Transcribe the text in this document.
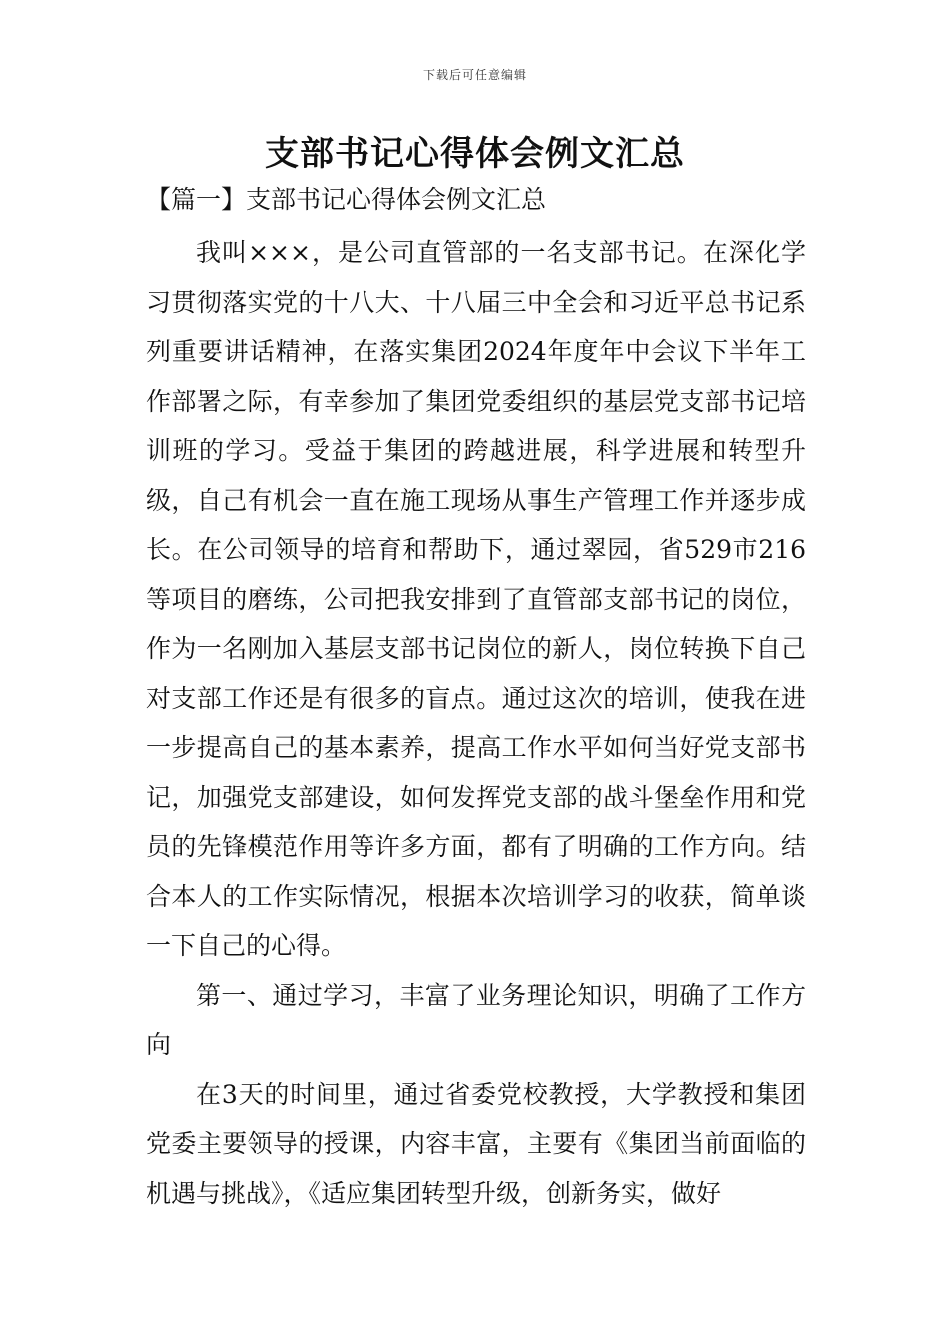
下载后可任意编辑
支部书记心得体会例文汇总
【篇一】支部书记心得体会例文汇总

我叫×××，是公司直管部的一名支部书记。在深化学习贯彻落实党的十八大、十八届三中全会和习近平总书记系列重要讲话精神，在落实集团2024年度年中会议下半年工作部署之际，有幸参加了集团党委组织的基层党支部书记培训班的学习。受益于集团的跨越进展，科学进展和转型升级，自己有机会一直在施工现场从事生产管理工作并逐步成长。在公司领导的培育和帮助下，通过翠园，省529市216等项目的磨练，公司把我安排到了直管部支部书记的岗位，作为一名刚加入基层支部书记岗位的新人，岗位转换下自己对支部工作还是有很多的盲点。通过这次的培训，使我在进一步提高自己的基本素养，提高工作水平如何当好党支部书记，加强党支部建设，如何发挥党支部的战斗堡垒作用和党员的先锋模范作用等许多方面，都有了明确的工作方向。结合本人的工作实际情况，根据本次培训学习的收获，简单谈一下自己的心得。

第一、通过学习，丰富了业务理论知识，明确了工作方向

在3天的时间里，通过省委党校教授，大学教授和集团党委主要领导的授课，内容丰富，主要有《集团当前面临的机遇与挑战》，《适应集团转型升级，创新务实，做好
